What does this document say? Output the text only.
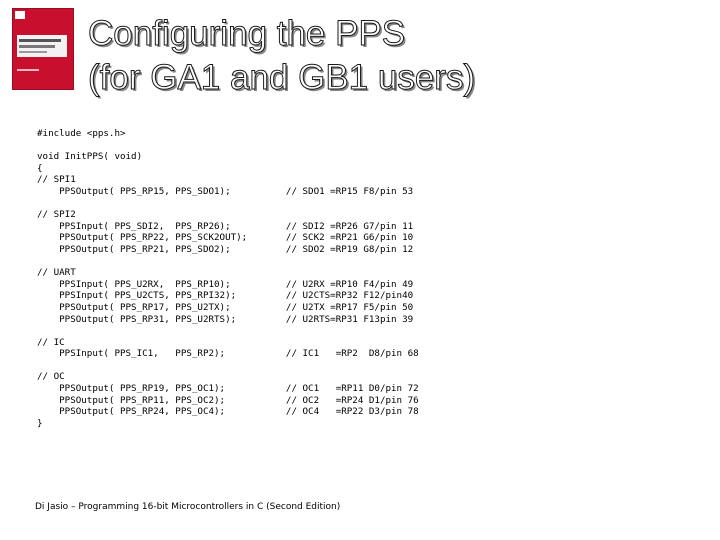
Configuring the PPS
(for GA1 and GB1 users)
#include <pps.h>
void InitPPS( void)
{
// SPI1
PPSOutput( PPS_RP15, PPS_SDO1);          // SDO1 =RP15 F8/pin 53
// SPI2
PPSInput( PPS_SDI2,  PPS_RP26);          // SDI2 =RP26 G7/pin 11
PPSOutput( PPS_RP22, PPS_SCK2OUT);       // SCK2 =RP21 G6/pin 10
PPSOutput( PPS_RP21, PPS_SDO2);          // SDO2 =RP19 G8/pin 12
// UART
PPSInput( PPS_U2RX,  PPS_RP10);          // U2RX =RP10 F4/pin 49
PPSInput( PPS_U2CTS, PPS_RPI32);         // U2CTS=RP32 F12/pin40
PPSOutput( PPS_RP17, PPS_U2TX);          // U2TX =RP17 F5/pin 50
PPSOutput( PPS_RP31, PPS_U2RTS);         // U2RTS=RP31 F13pin 39
// IC
PPSInput( PPS_IC1,   PPS_RP2);           // IC1   =RP2  D8/pin 68
// OC
PPSOutput( PPS_RP19, PPS_OC1);           // OC1   =RP11 D0/pin 72
PPSOutput( PPS_RP11, PPS_OC2);           // OC2   =RP24 D1/pin 76
PPSOutput( PPS_RP24, PPS_OC4);           // OC4   =RP22 D3/pin 78
}
Di Jasio – Programming 16-bit Microcontrollers in C (Second Edition)
